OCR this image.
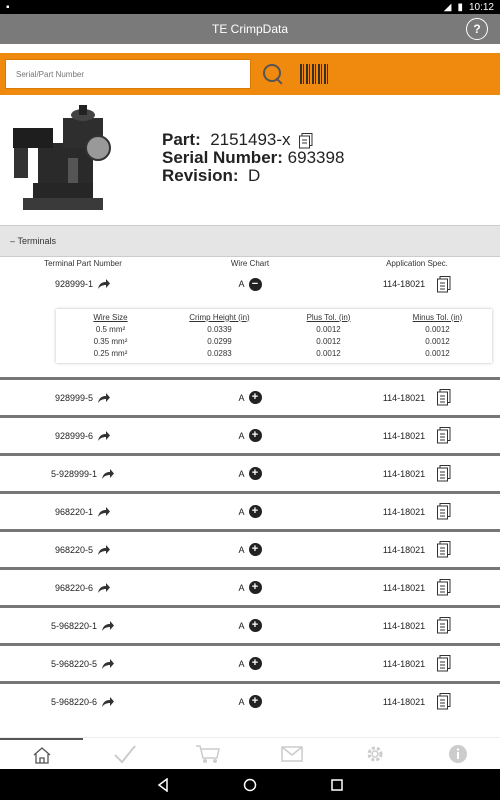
▪	◢ ▮ 10:12
TE CrimpData	?
Serial/Part Number
Part: 2151493-x
Serial Number: 693398
Revision: D
–
Terminals
Terminal Part Number	Wire Chart	Application Spec.
928999-1	A −	114-18021
Wire Size	Crimp Height (in)	Plus Tol. (in)	Minus Tol. (in)
0.5 mm²	0.0339	0.0012	0.0012
0.35 mm²	0.0299	0.0012	0.0012
0.25 mm²	0.0283	0.0012	0.0012
928999-5	A +	114-18021
928999-6	A +	114-18021
5-928999-1	A +	114-18021
968220-1	A +	114-18021
968220-5	A +	114-18021
968220-6	A +	114-18021
5-968220-1	A +	114-18021
5-968220-5	A +	114-18021
5-968220-6	A +	114-18021
